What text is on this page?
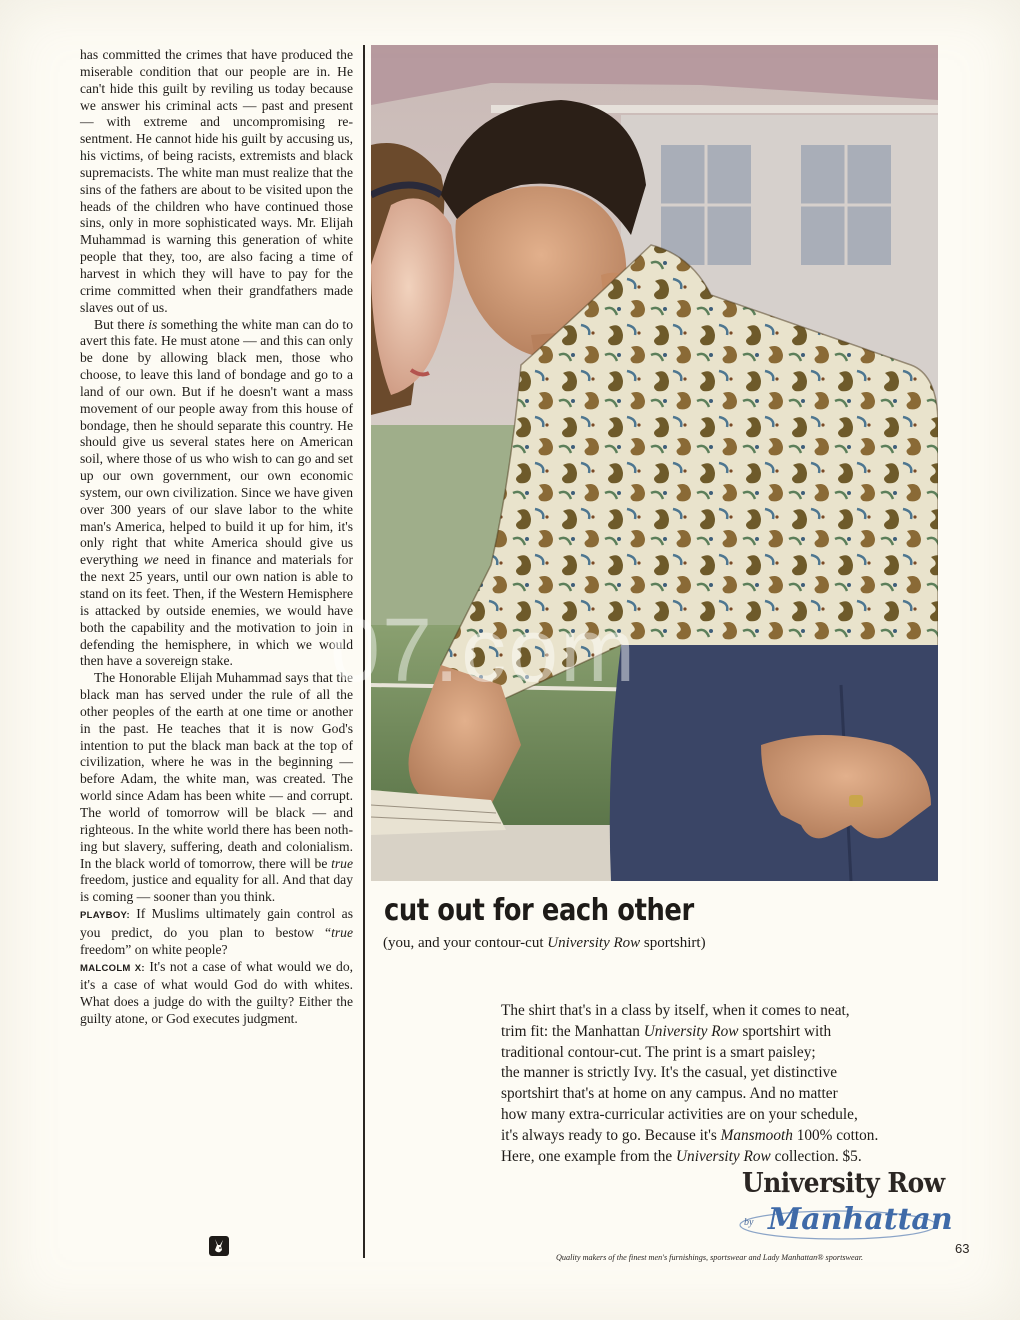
has committed the crimes that have produced the miserable condition that our people are in. He can't hide this guilt by reviling us today because we answer his criminal acts — past and present — with extreme and uncompromising resentment. He cannot hide his guilt by accusing us, his victims, of being racists, extremists and black supremacists. The white man must realize that the sins of the fathers are about to be visited upon the heads of the children who have continued those sins, only in more sophisticated ways. Mr. Elijah Muhammad is warning this generation of white people that they, too, are also facing a time of harvest in which they will have to pay for the crime committed when their grandfathers made slaves out of us.

But there is something the white man can do to avert this fate. He must atone — and this can only be done by allowing black men, those who choose, to leave this land of bondage and go to a land of our own. But if he doesn't want a mass movement of our people away from this house of bondage, then he should separate this country. He should give us several states here on American soil, where those of us who wish to can go and set up our own government, our own economic system, our own civilization. Since we have given over 300 years of our slave labor to the white man's America, helped to build it up for him, it's only right that white America should give us everything we need in finance and materials for the next 25 years, until our own nation is able to stand on its feet. Then, if the Western Hemisphere is attacked by outside enemies, we would have both the capability and the motivation to join in defending the hemisphere, in which we would then have a sovereign stake.

The Honorable Elijah Muhammad says that the black man has served under the rule of all the other peoples of the earth at one time or another in the past. He teaches that it is now God's intention to put the black man back at the top of civilization, where he was in the beginning — before Adam, the white man, was created. The world since Adam has been white — and corrupt. The world of tomorrow will be black — and righteous. In the white world there has been nothing but slavery, suffering, death and colonialism. In the black world of tomorrow, there will be true freedom, justice and equality for all. And that day is coming — sooner than you think.

PLAYBOY: If Muslims ultimately gain control as you predict, do you plan to bestow “true freedom” on white people?

MALCOLM X: It's not a case of what would we do, it's a case of what would God do with whites. What does a judge do with the guilty? Either the guilty atone, or God executes judgment.

07.com
cut out for each other
(you, and your contour-cut University Row sportshirt)
The shirt that's in a class by itself, when it comes to neat,
trim fit: the Manhattan University Row sportshirt with
traditional contour-cut. The print is a smart paisley;
the manner is strictly Ivy. It's the casual, yet distinctive
sportshirt that's at home on any campus. And no matter
how many extra-curricular activities are on your schedule,
it's always ready to go. Because it's Mansmooth 100% cotton.
Here, one example from the University Row collection. $5.
University Row
by Manhattan
Quality makers of the finest men's furnishings, sportswear and Lady Manhattan® sportswear.
63
